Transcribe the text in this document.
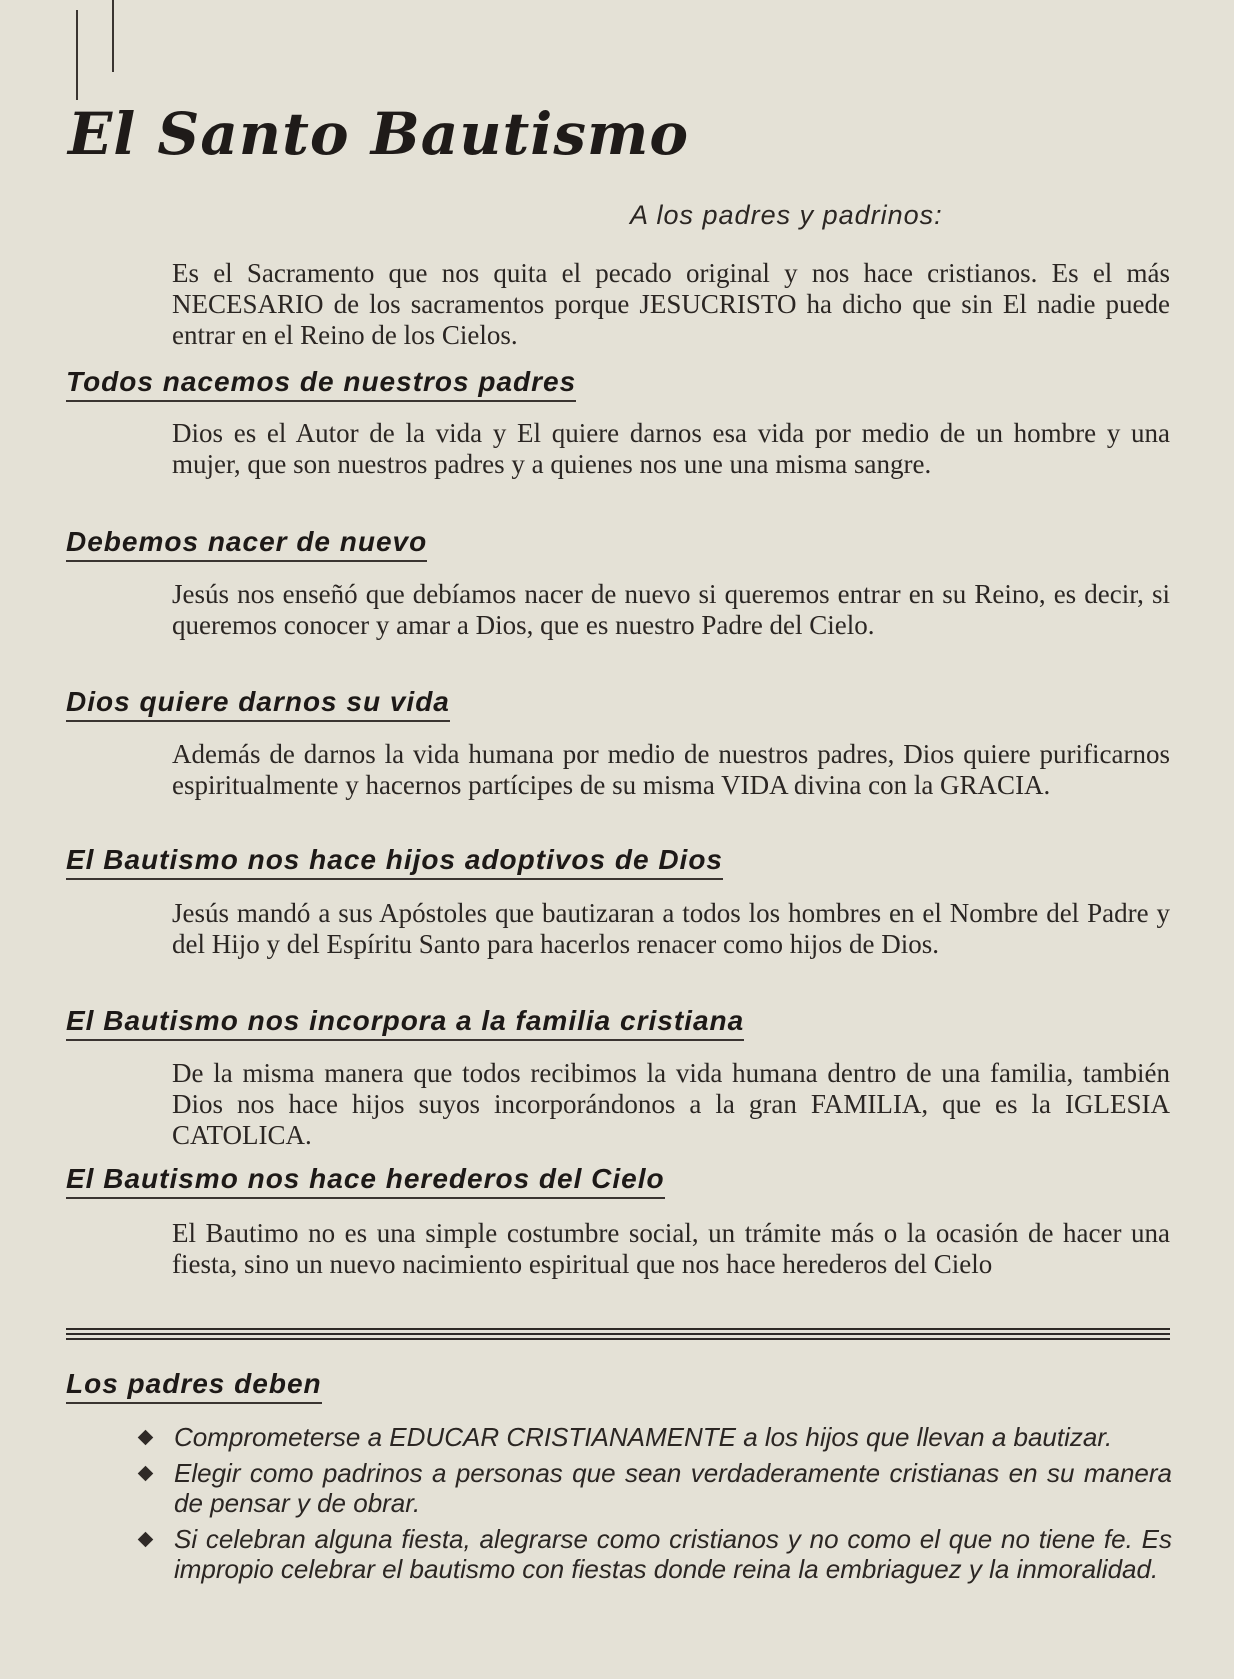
El Santo Bautismo
A los padres y padrinos:

Es el Sacramento que nos quita el pecado original y nos hace cristianos. Es el más NECESARIO de los sacramentos porque JESUCRISTO ha dicho que sin El nadie puede entrar en el Reino de los Cielos.

Todos nacemos de nuestros padres

Dios es el Autor de la vida y El quiere darnos esa vida por medio de un hombre y una mujer, que son nuestros padres y a quienes nos une una misma sangre.

Debemos nacer de nuevo

Jesús nos enseñó que debíamos nacer de nuevo si queremos entrar en su Reino, es decir, si queremos conocer y amar a Dios, que es nuestro Padre del Cielo.

Dios quiere darnos su vida

Además de darnos la vida humana por medio de nuestros padres, Dios quiere purificarnos espiritualmente y hacernos partícipes de su misma VIDA divina con la GRACIA.

El Bautismo nos hace hijos adoptivos de Dios

Jesús mandó a sus Apóstoles que bautizaran a todos los hombres en el Nombre del Padre y del Hijo y del Espíritu Santo para hacerlos renacer como hijos de Dios.

El Bautismo nos incorpora a la familia cristiana

De la misma manera que todos recibimos la vida humana dentro de una familia, también Dios nos hace hijos suyos incorporándonos a la gran FAMILIA, que es la IGLESIA CATOLICA.

El Bautismo nos hace herederos del Cielo

El Bautimo no es una simple costumbre social, un trámite más o la ocasión de hacer una fiesta, sino un nuevo nacimiento espiritual que nos hace herederos del Cielo

Los padres deben
Comprometerse a EDUCAR CRISTIANAMENTE a los hijos que llevan a bautizar.
Elegir como padrinos a personas que sean verdaderamente cristianas en su manera de pensar y de obrar.
Si celebran alguna fiesta, alegrarse como cristianos y no como el que no tiene fe. Es impropio celebrar el bautismo con fiestas donde reina la embriaguez y la inmoralidad.
